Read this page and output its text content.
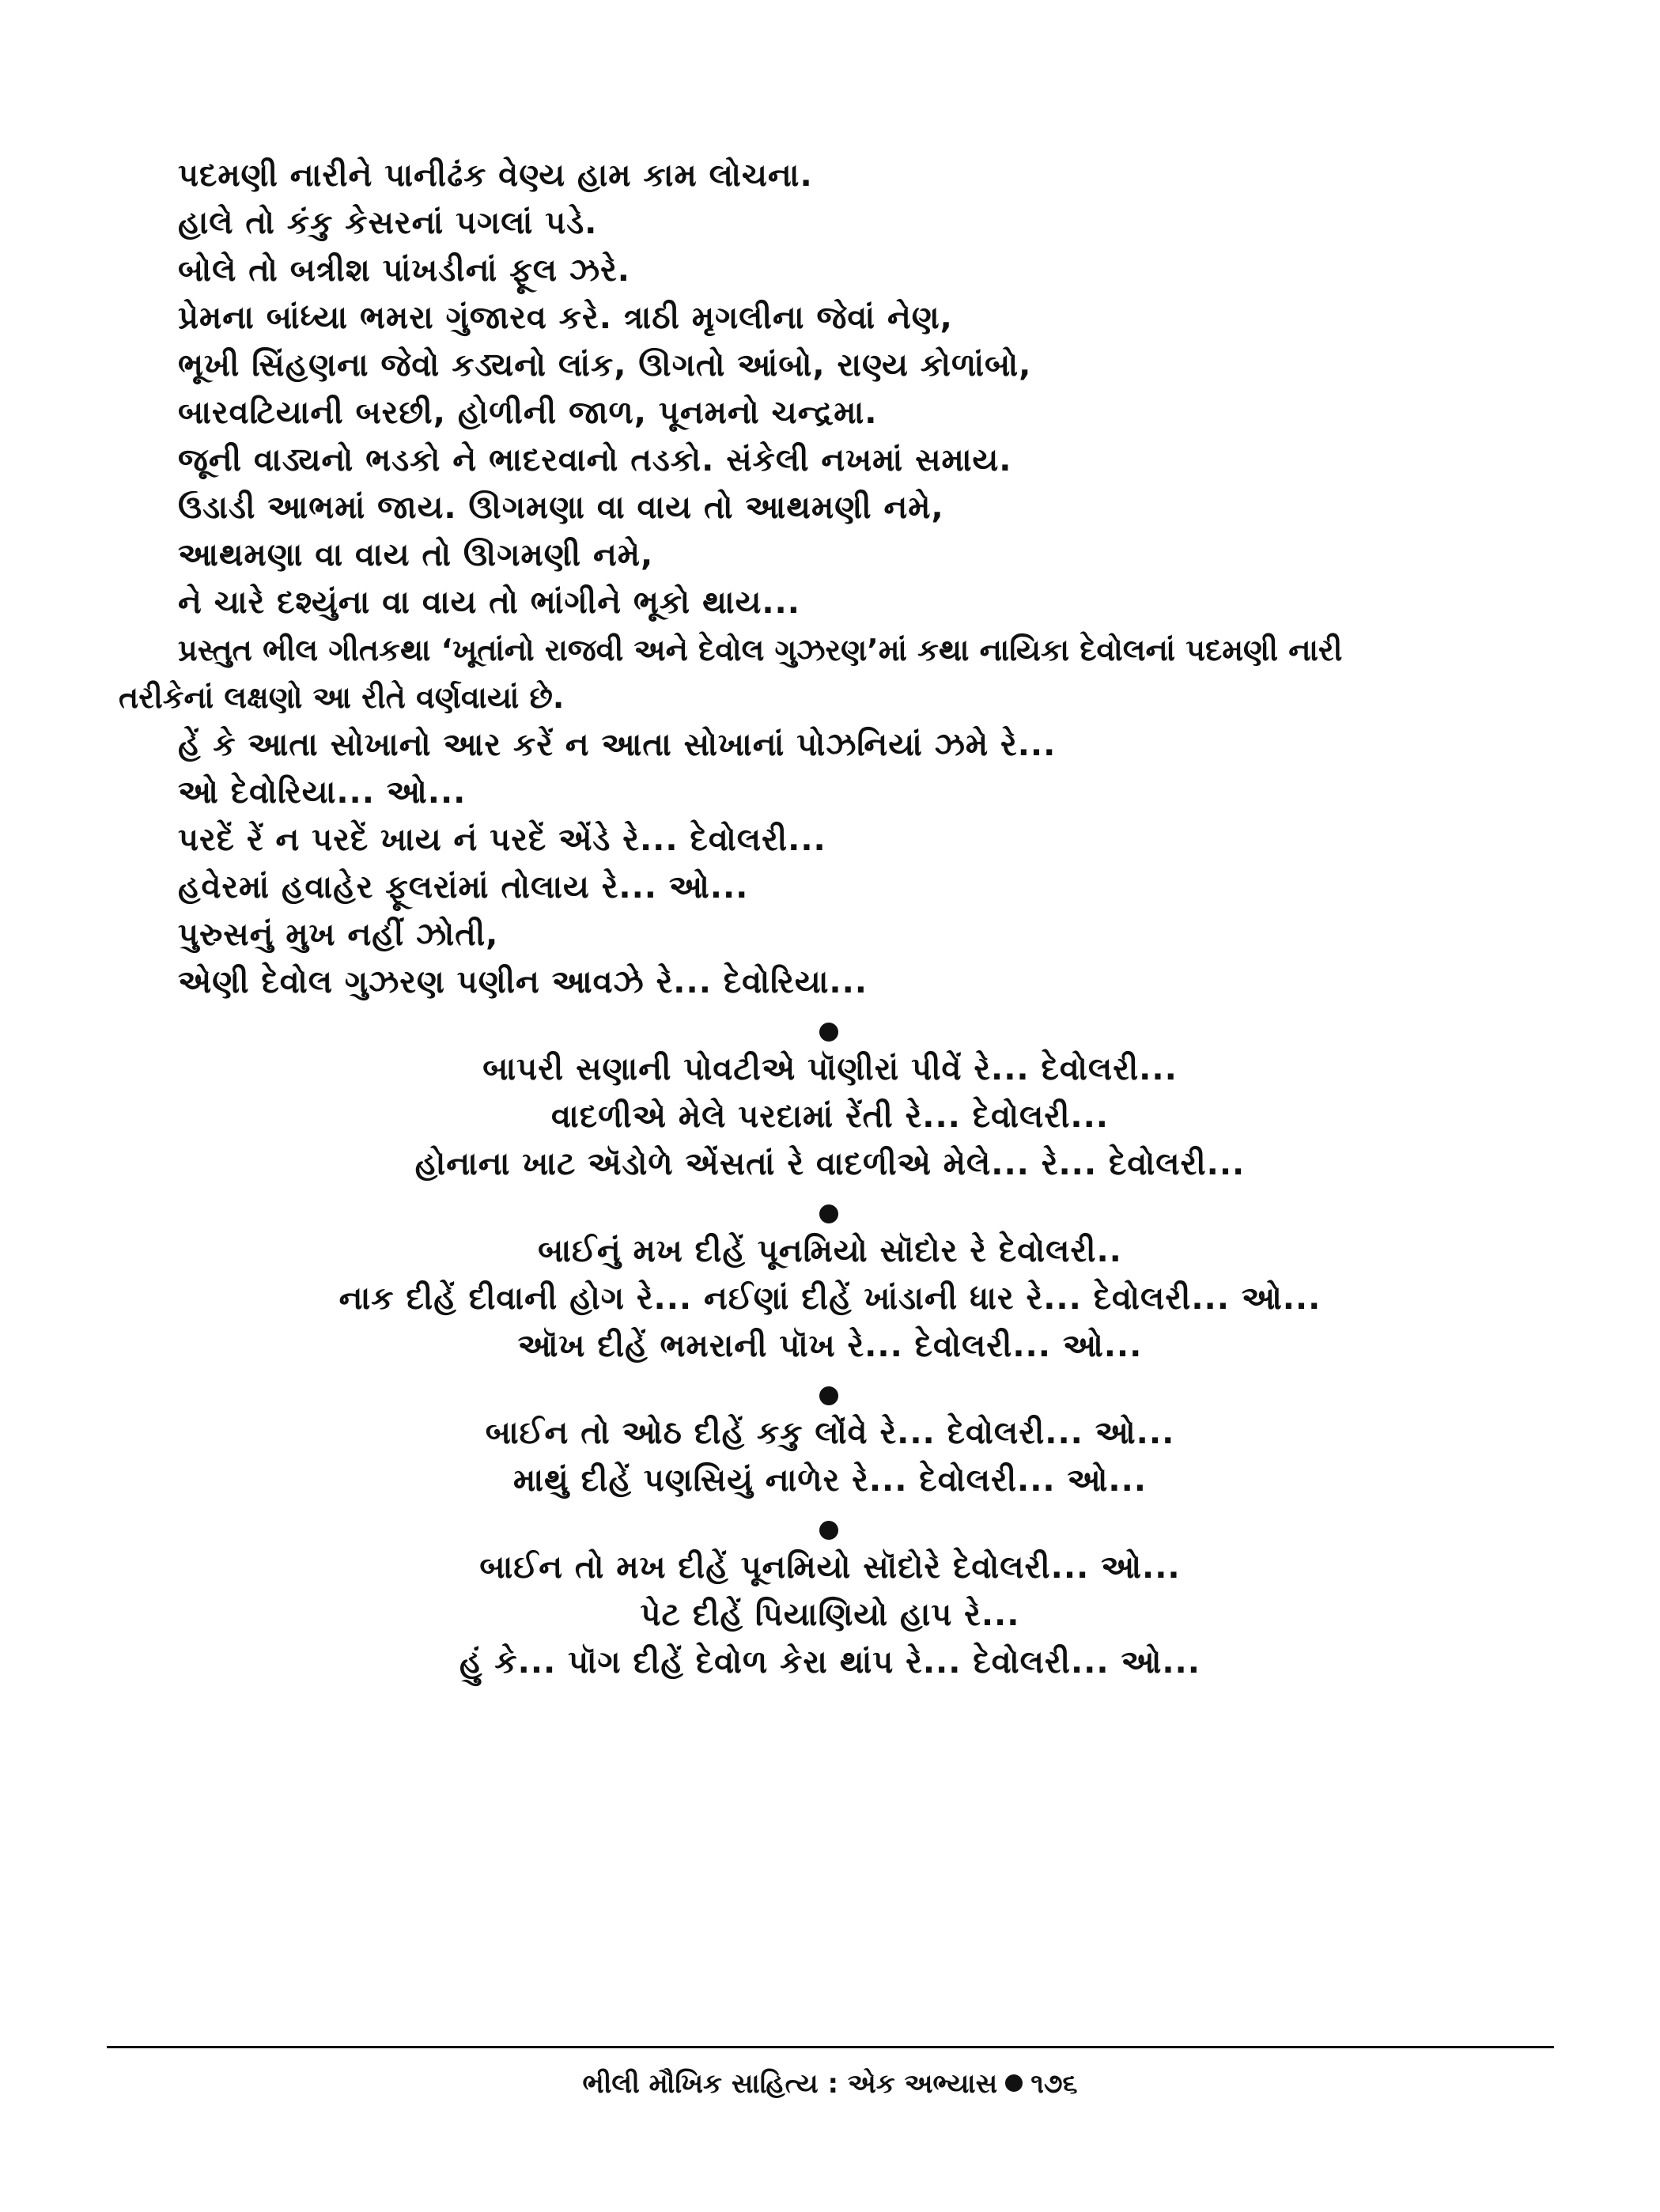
પદમણી નારીને પાનીઢંક વેણ્ય હામ કામ લોચના.
હાલે તો કંકુ કેસરનાં પગલાં પડે.
બોલે તો બત્રીશ પાંખડીનાં ફૂલ ઝરે.
પ્રેમના બાંધ્યા ભમરા ગુંજારવ કરે. ત્રાઠી મૃગલીના જેવાં નેણ,
ભૂખી સિંહણના જેવો કડ્યનો લાંક, ઊગતો આંબો, રાણ્ય કોળાંબો,
બારવટિયાની બરછી, હોળીની જાળ, પૂનમનો ચન્દ્રમા.
જૂની વાડ્યનો ભડકો ને ભાદરવાનો તડકો. સંકેલી નખમાં સમાય.
ઉડાડી આભમાં જાય. ઊગમણા વા વાય તો આથમણી નમે,
આથમણા વા વાય તો ઊગમણી નમે,
ને ચારે દશ્યુંના વા વાય તો ભાંગીને ભૂકો થાય...
પ્રસ્તુત ભીલ ગીતકથા ‘ખૂતાંનો રાજવી અને દેવોલ ગુઝરણ’માં કથા નાયિકા દેવોલનાં પદમણી નારી
તરીકેનાં લક્ષણો આ રીતે વર્ણવાયાં છે.
હેં કે આતા સોખાનો આર કરેં ન આતા સોખાનાં પોઝનિયાં ઝમે રે...
ઓ દેવોરિયા... ઓ...
પરદેં રેં ન પરદેં ખાય નં પરદેં એંડે રે... દેવોલરી...
હવેરમાં હવાહેર ફૂલરાંમાં તોલાય રે... ઓ...
પુરુસનું મુખ નહીં ઝોતી,
એણી દેવોલ ગુઝરણ પણીન આવઝે રે... દેવોરિયા...
બાપરી સણાની પોવટીએ પૉણીરાં પીવેં રે... દેવોલરી...
વાદળીએ મેલે પરદામાં રેંતી રે... દેવોલરી...
હોનાના ખાટ ઍડોળે એંસતાં રે વાદળીએ મેલે... રે... દેવોલરી...
બાઈનું મખ દીહેં પૂનમિયો સૉદોર રે દેવોલરી..
નાક દીહેં દીવાની હોગ રે... નઈણાં દીહેં ખાંડાની ધાર રે... દેવોલરી... ઓ...
ઑખ દીહેં ભમરાની પૉખ રે... દેવોલરી... ઓ...
બાઈન તો ઓઠ દીહેં કકુ લોંવે રે... દેવોલરી... ઓ...
માથું દીહેં પણસિયું નાળેર રે... દેવોલરી... ઓ...
બાઈન તો મખ દીહેં પૂનમિયો સૉદોરે દેવોલરી... ઓ...
પેટ દીહેં પિયાણિયો હાપ રે...
હું કે... પૉગ દીહેં દેવોળ કેરા થાંપ રે... દેવોલરી... ઓ...
ભીલી મૌખિક સાહિત્ય : એક અભ્યાસ ૧૭૬
